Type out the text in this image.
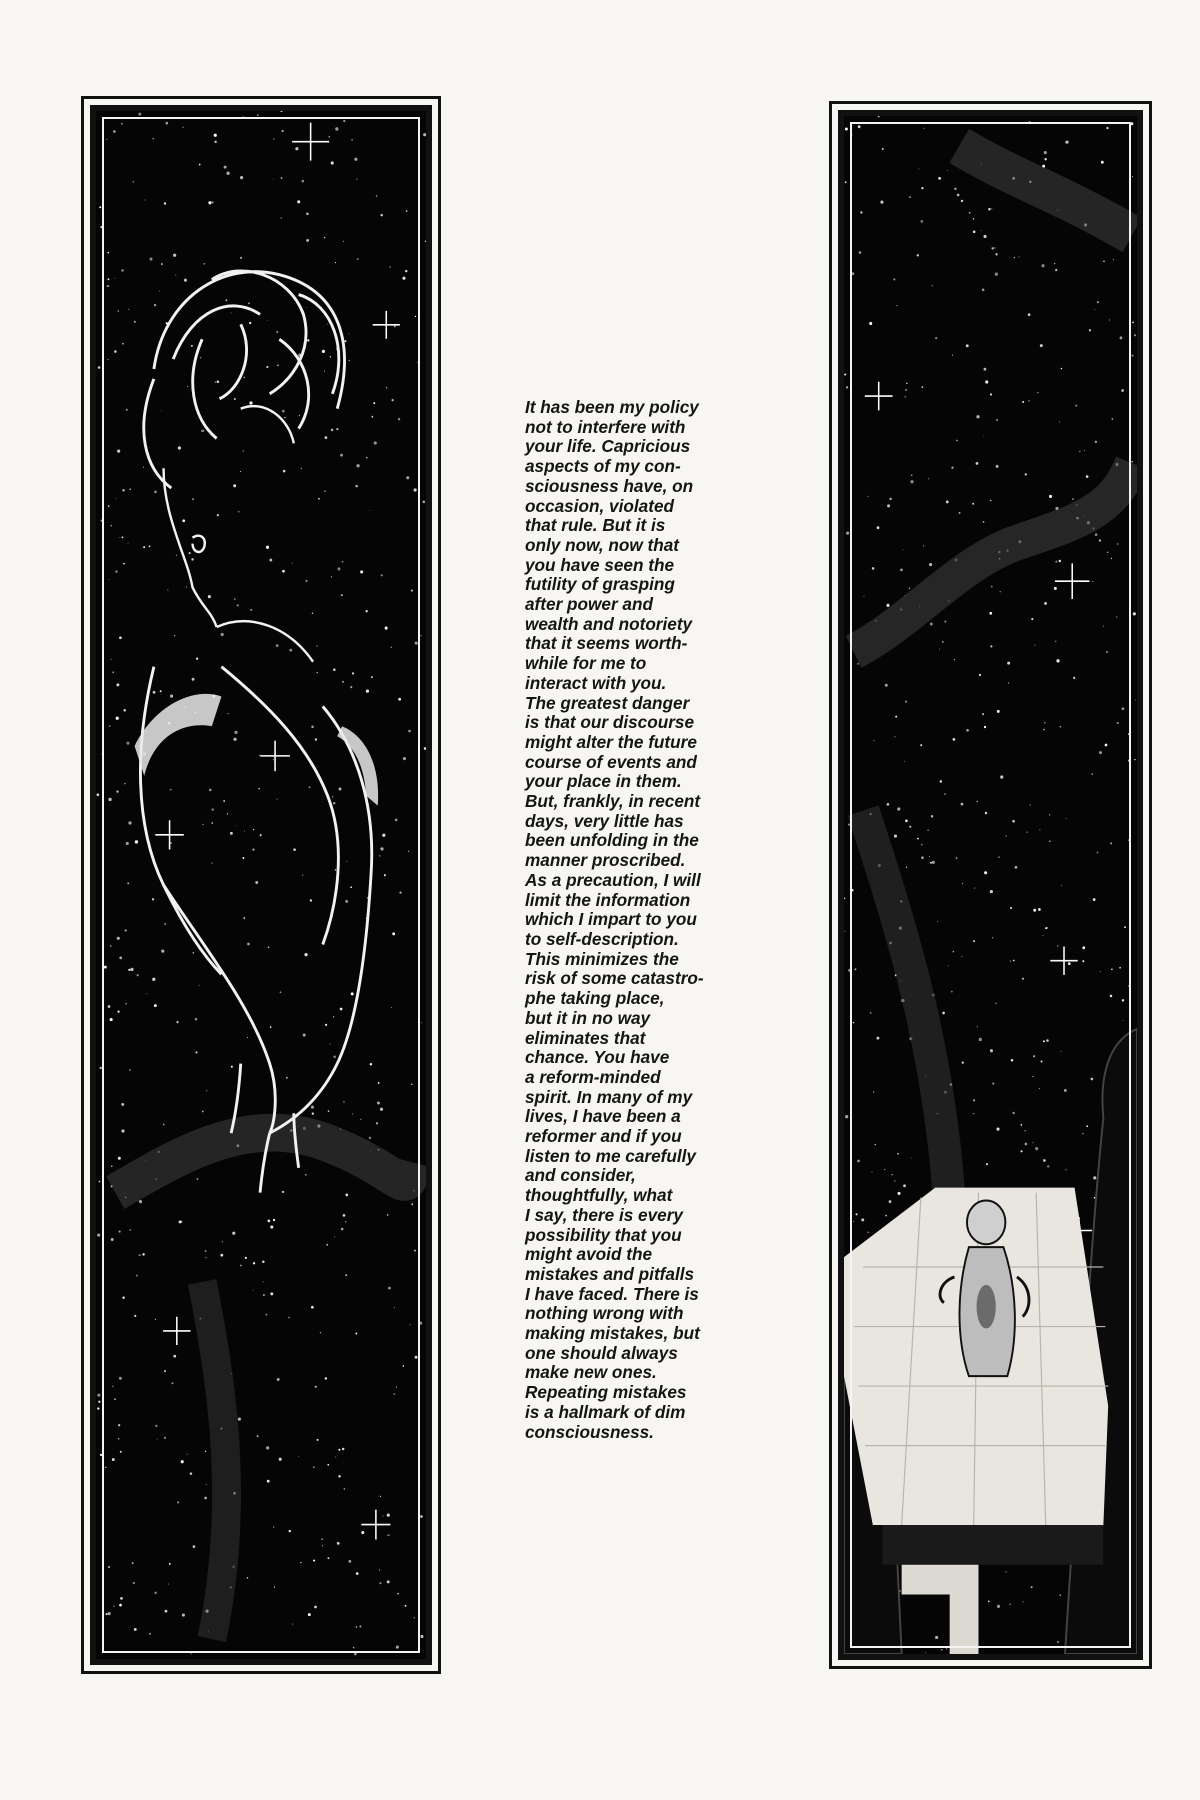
It has been my policy
not to interfere with
your life. Capricious
aspects of my con-
sciousness have, on
occasion, violated
that rule. But it is
only now, now that
you have seen the
futility of grasping
after power and
wealth and notoriety
that it seems worth-
while for me to
interact with you.
The greatest danger
is that our discourse
might alter the future
course of events and
your place in them.
But, frankly, in recent
days, very little has
been unfolding in the
manner proscribed.
As a precaution, I will
limit the information
which I impart to you
to self-description.
This minimizes the
risk of some catastro-
phe taking place,
but it in no way
eliminates that
chance. You have
a reform-minded
spirit. In many of my
lives, I have been a
reformer and if you
listen to me carefully
and consider,
thoughtfully, what
I say, there is every
possibility that you
might avoid the
mistakes and pitfalls
I have faced. There is
nothing wrong with
making mistakes, but
one should always
make new ones.
Repeating mistakes
is a hallmark of dim
consciousness.
